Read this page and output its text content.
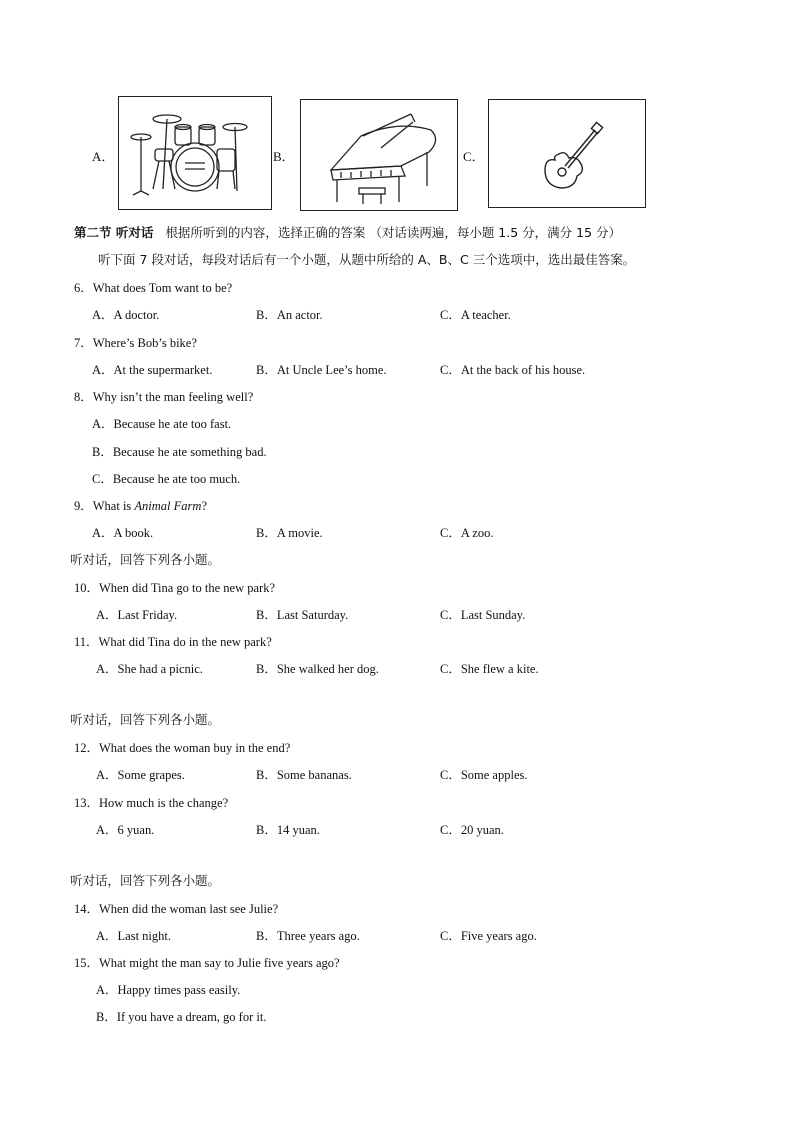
A．	B．	C．
第二节 听对话 根据所听到的内容，选择正确的答案 （对话读两遍，每小题 1.5 分，满分 15 分）
听下面 7 段对话，每段对话后有一个小题，从题中所给的 A、B、C 三个选项中，选出最佳答案。
6．What does Tom want to be?
A．A doctor.	B．An actor.	C．A teacher.
7．Where’s Bob’s bike?
A．At the supermarket.	B．At Uncle Lee’s home.	C．At the back of his house.
8．Why isn’t the man feeling well?
A．Because he ate too fast.
B．Because he ate something bad.
C．Because he ate too much.
9．What is Animal Farm?
A．A book.	B．A movie.	C．A zoo.
听对话，回答下列各小题。
10．When did Tina go to the new park?
A．Last Friday.	B．Last Saturday.	C．Last Sunday.
11．What did Tina do in the new park?
A．She had a picnic.	B．She walked her dog.	C．She flew a kite.
听对话，回答下列各小题。
12．What does the woman buy in the end?
A．Some grapes.	B．Some bananas.	C．Some apples.
13．How much is the change?
A．6 yuan.	B．14 yuan.	C．20 yuan.
听对话，回答下列各小题。
14．When did the woman last see Julie?
A．Last night.	B．Three years ago.	C．Five years ago.
15．What might the man say to Julie five years ago?
A．Happy times pass easily.
B．If you have a dream, go for it.
